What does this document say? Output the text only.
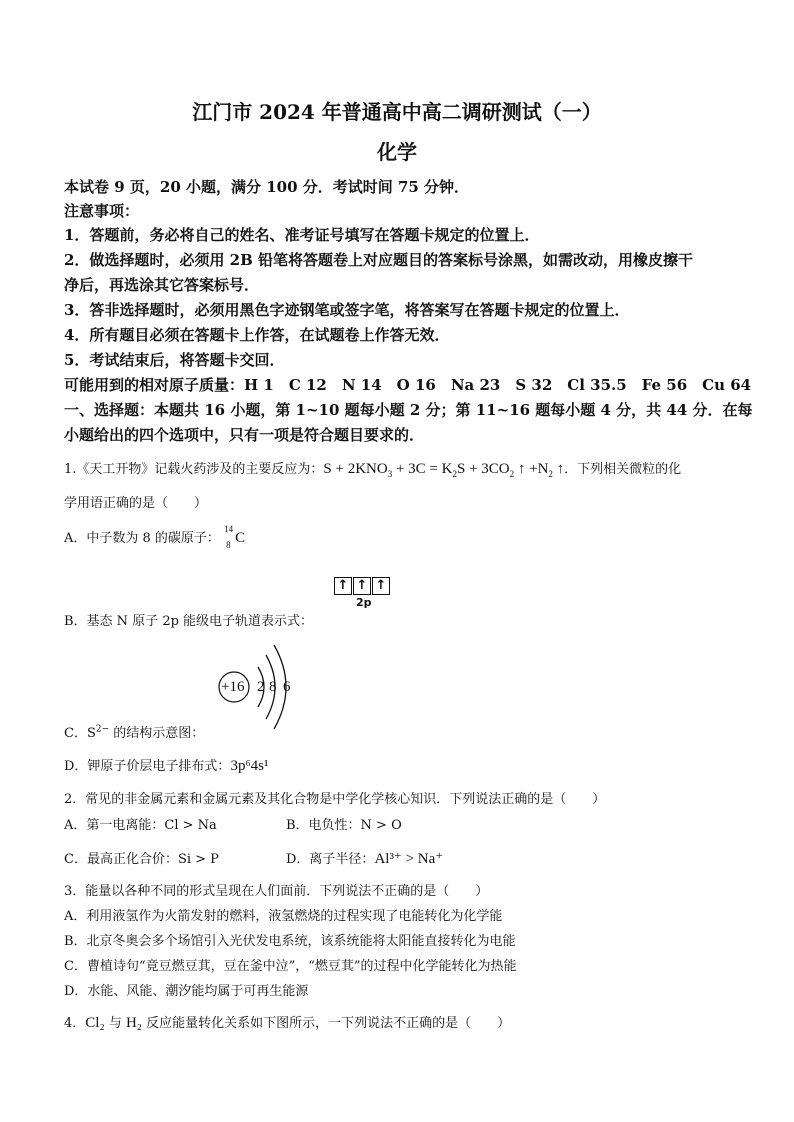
江门市 2024 年普通高中高二调研测试（一）
化学
本试卷 9 页，20 小题，满分 100 分．考试时间 75 分钟．
注意事项：
1．答题前，务必将自己的姓名、准考证号填写在答题卡规定的位置上．
2．做选择题时，必须用 2B 铅笔将答题卷上对应题目的答案标号涂黑，如需改动，用橡皮擦干
净后，再选涂其它答案标号．
3．答非选择题时，必须用黑色字迹钢笔或签字笔，将答案写在答题卡规定的位置上．
4．所有题目必须在答题卡上作答，在试题卷上作答无效．
5．考试结束后，将答题卡交回．
可能用到的相对原子质量：H 1　C 12　N 14　O 16　Na 23　S 32　Cl 35.5　Fe 56　Cu 64
一、选择题：本题共 16 小题，第 1~10 题每小题 2 分；第 11~16 题每小题 4 分，共 44 分．在每
小题给出的四个选项中，只有一项是符合题目要求的．
1.《天工开物》记载火药涉及的主要反应为：$S + 2KNO_3 + 3C = K_2S + 3CO_2$ ↑ $+N_2$ ↑．下列相关微粒的化
学用语正确的是（　　）
A．中子数为 8 的碳原子：
14
8 C
↑ ↑ ↑
2p
B．基态 N 原子 2p 能级电子轨道表示式：
+16 2 8 6
C．$S^{2-}$ 的结构示意图：
D．钾原子价层电子排布式：3p⁶4s¹
2．常见的非金属元素和金属元素及其化合物是中学化学核心知识．下列说法正确的是（　　）
A．第一电离能：Cl > Na	B．电负性：N > O
C．最高正化合价：Si > P	D．离子半径：Al³⁺ > Na⁺
3．能量以各种不同的形式呈现在人们面前．下列说法不正确的是（　　）
A．利用液氢作为火箭发射的燃料，液氢燃烧的过程实现了电能转化为化学能
B．北京冬奥会多个场馆引入光伏发电系统，该系统能将太阳能直接转化为电能
C．曹植诗句“竟豆燃豆萁，豆在釜中泣”，“燃豆萁”的过程中化学能转化为热能
D．水能、风能、潮汐能均属于可再生能源
4．Cl₂ 与 H₂ 反应能量转化关系如下图所示，一下列说法不正确的是（　　）
